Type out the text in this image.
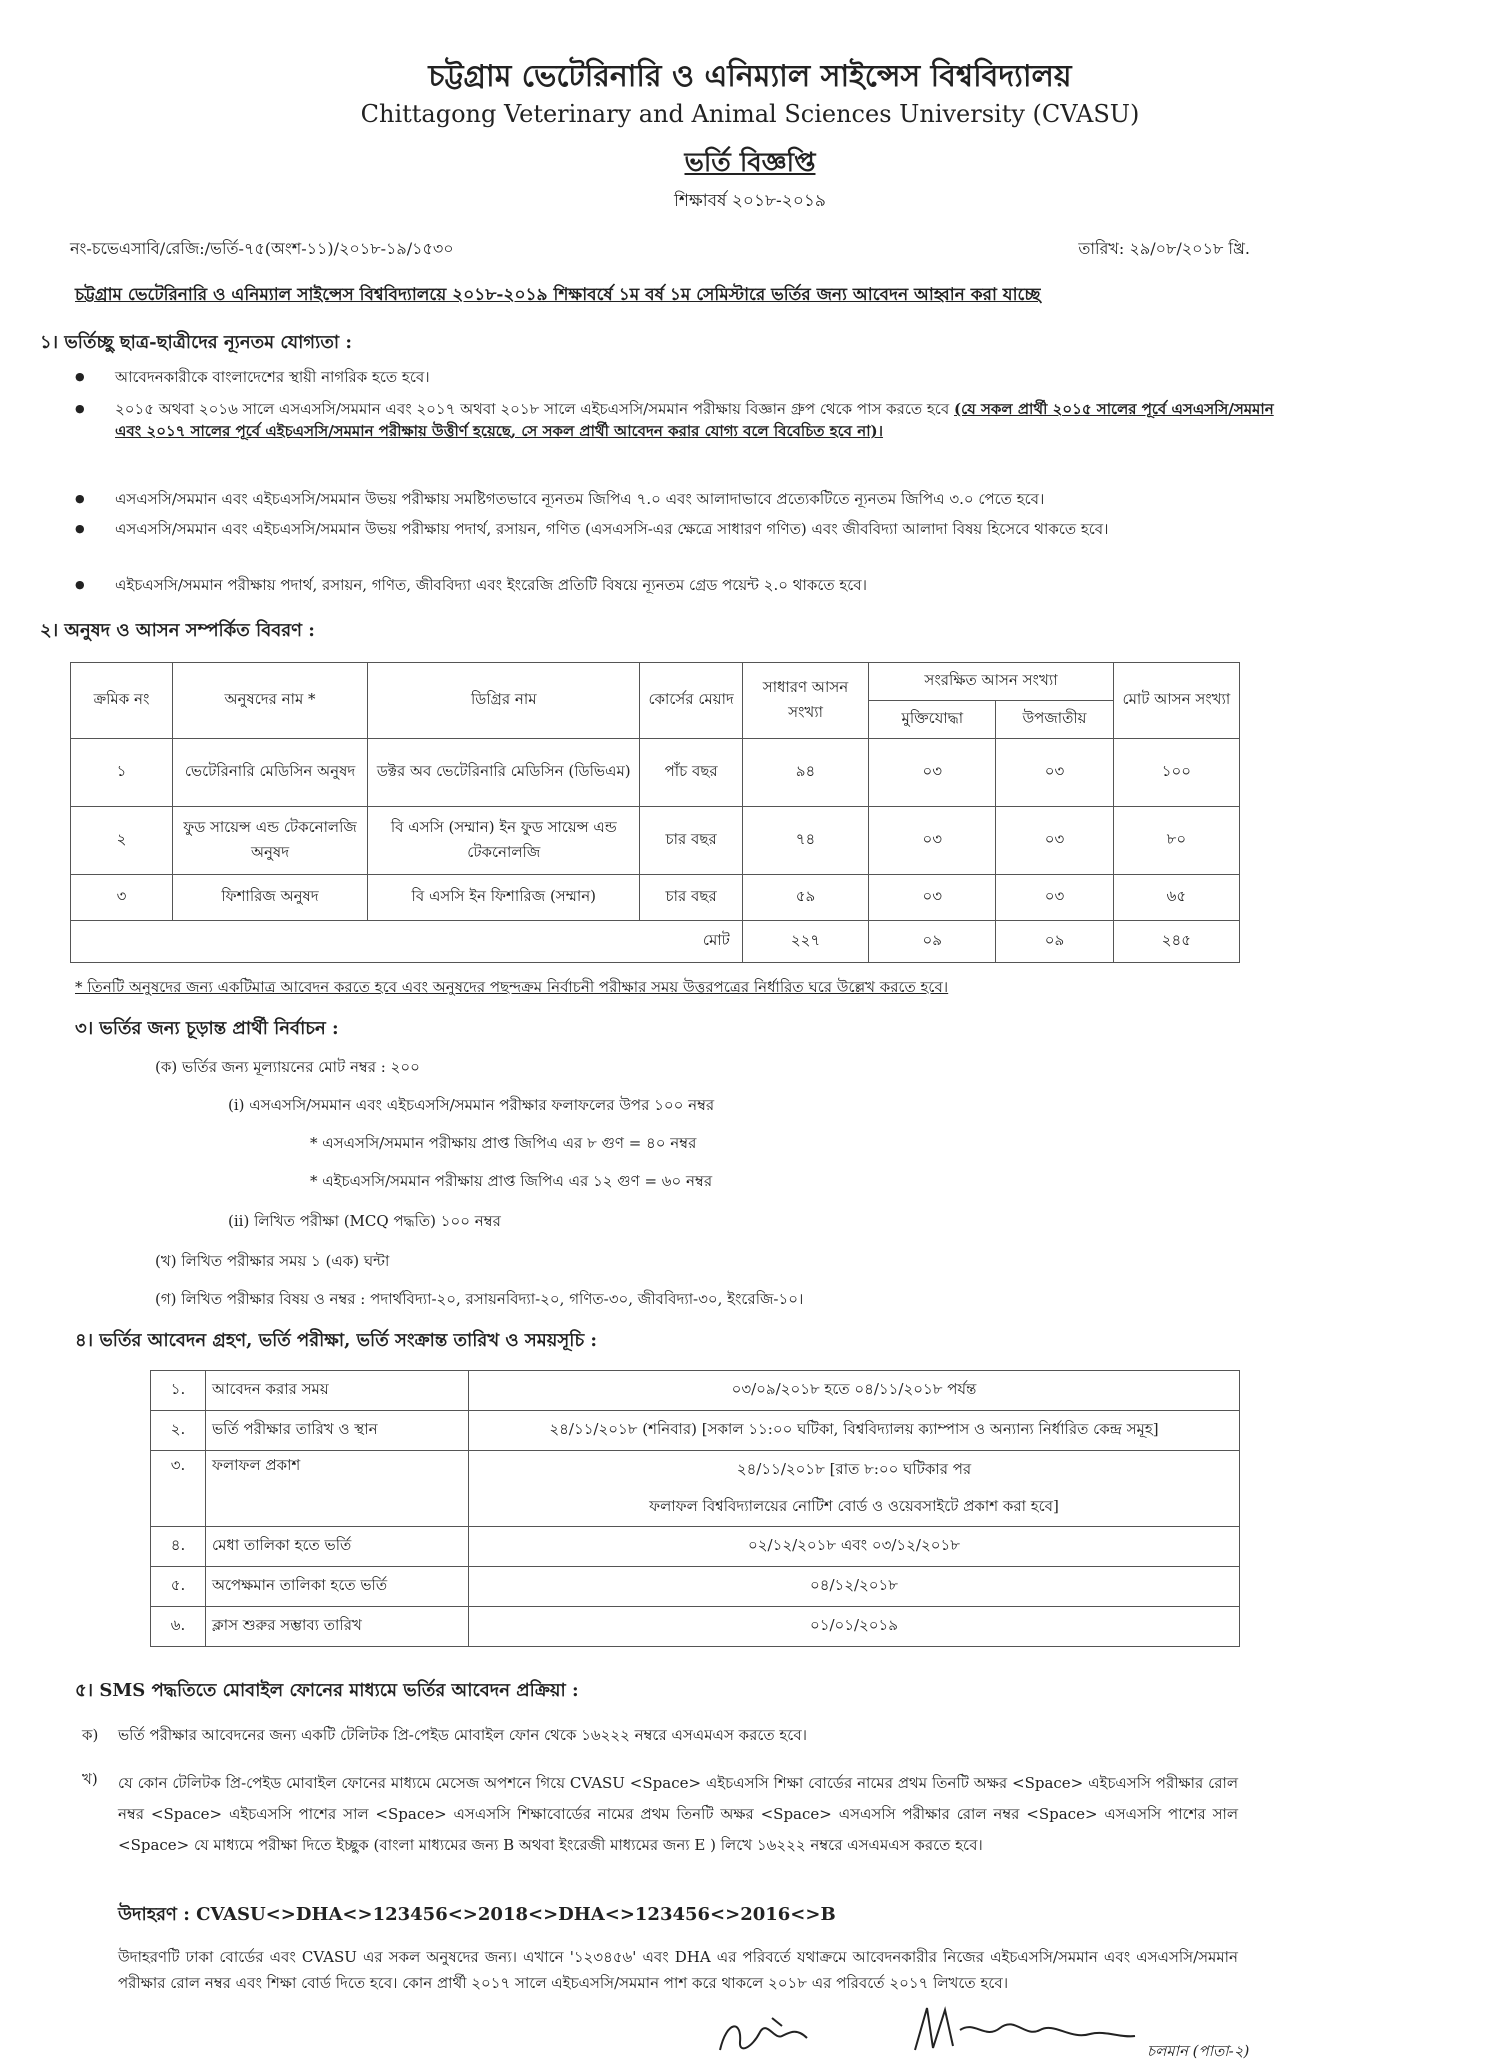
চট্টগ্রাম ভেটেরিনারি ও এনিম্যাল সাইন্সেস বিশ্ববিদ্যালয়
Chittagong Veterinary and Animal Sciences University (CVASU)
ভর্তি বিজ্ঞপ্তি
শিক্ষাবর্ষ ২০১৮-২০১৯
নং-চভেএসাবি/রেজি:/ভর্তি-৭৫(অংশ-১১)/২০১৮-১৯/১৫৩০	তারিখ: ২৯/০৮/২০১৮ খ্রি.
চট্টগ্রাম ভেটেরিনারি ও এনিম্যাল সাইন্সেস বিশ্ববিদ্যালয়ে ২০১৮-২০১৯ শিক্ষাবর্ষে ১ম বর্ষ ১ম সেমিস্টারে ভর্তির জন্য আবেদন আহ্বান করা যাচ্ছে
১। ভর্তিচ্ছু ছাত্র-ছাত্রীদের ন্যূনতম যোগ্যতা :
● আবেদনকারীকে বাংলাদেশের স্থায়ী নাগরিক হতে হবে।
● ২০১৫ অথবা ২০১৬ সালে এসএসসি/সমমান এবং ২০১৭ অথবা ২০১৮ সালে এইচএসসি/সমমান পরীক্ষায় বিজ্ঞান গ্রুপ থেকে পাস করতে হবে (যে সকল প্রার্থী ২০১৫ সালের পূর্বে এসএসসি/সমমান এবং ২০১৭ সালের পূর্বে এইচএসসি/সমমান পরীক্ষায় উত্তীর্ণ হয়েছে, সে সকল প্রার্থী আবেদন করার যোগ্য বলে বিবেচিত হবে না)।
● এসএসসি/সমমান এবং এইচএসসি/সমমান উভয় পরীক্ষায় সমষ্টিগতভাবে ন্যূনতম জিপিএ ৭.০ এবং আলাদাভাবে প্রত্যেকটিতে ন্যূনতম জিপিএ ৩.০ পেতে হবে।
● এসএসসি/সমমান এবং এইচএসসি/সমমান উভয় পরীক্ষায় পদার্থ, রসায়ন, গণিত (এসএসসি-এর ক্ষেত্রে সাধারণ গণিত) এবং জীববিদ্যা আলাদা বিষয় হিসেবে থাকতে হবে।
● এইচএসসি/সমমান পরীক্ষায় পদার্থ, রসায়ন, গণিত, জীববিদ্যা এবং ইংরেজি প্রতিটি বিষয়ে ন্যূনতম গ্রেড পয়েন্ট ২.০ থাকতে হবে।
২। অনুষদ ও আসন সম্পর্কিত বিবরণ :
ক্রমিক নং	অনুষদের নাম *	ডিগ্রির নাম	কোর্সের মেয়াদ	সাধারণ আসন সংখ্যা	সংরক্ষিত আসন সংখ্যা		মোট আসন সংখ্যা
					মুক্তিযোদ্ধা	উপজাতীয়	
১	ভেটেরিনারি মেডিসিন অনুষদ	ডক্টর অব ভেটেরিনারি মেডিসিন (ডিভিএম)	পাঁচ বছর	৯৪	০৩	০৩	১০০
২	ফুড সায়েন্স এন্ড টেকনোলজি অনুষদ	বি এসসি (সম্মান) ইন ফুড সায়েন্স এন্ড টেকনোলজি	চার বছর	৭৪	০৩	০৩	৮০
৩	ফিশারিজ অনুষদ	বি এসসি ইন ফিশারিজ (সম্মান)	চার বছর	৫৯	০৩	০৩	৬৫
মোট				২২৭	০৯	০৯	২৪৫
* তিনটি অনুষদের জন্য একটিমাত্র আবেদন করতে হবে এবং অনুষদের পছন্দক্রম নির্বাচনী পরীক্ষার সময় উত্তরপত্রের নির্ধারিত ঘরে উল্লেখ করতে হবে।
৩। ভর্তির জন্য চূড়ান্ত প্রার্থী নির্বাচন :
(ক) ভর্তির জন্য মূল্যায়নের মোট নম্বর : ২০০
(i) এসএসসি/সমমান এবং এইচএসসি/সমমান পরীক্ষার ফলাফলের উপর ১০০ নম্বর
* এসএসসি/সমমান পরীক্ষায় প্রাপ্ত জিপিএ এর ৮ গুণ = ৪০ নম্বর
* এইচএসসি/সমমান পরীক্ষায় প্রাপ্ত জিপিএ এর ১২ গুণ = ৬০ নম্বর
(ii) লিখিত পরীক্ষা (MCQ পদ্ধতি) ১০০ নম্বর
(খ) লিখিত পরীক্ষার সময় ১ (এক) ঘন্টা
(গ) লিখিত পরীক্ষার বিষয় ও নম্বর : পদার্থবিদ্যা-২০, রসায়নবিদ্যা-২০, গণিত-৩০, জীববিদ্যা-৩০, ইংরেজি-১০।
৪। ভর্তির আবেদন গ্রহণ, ভর্তি পরীক্ষা, ভর্তি সংক্রান্ত তারিখ ও সময়সূচি :
১.	আবেদন করার সময়	০৩/০৯/২০১৮ হতে ০৪/১১/২০১৮ পর্যন্ত
২.	ভর্তি পরীক্ষার তারিখ ও স্থান	২৪/১১/২০১৮ (শনিবার) [সকাল ১১:০০ ঘটিকা, বিশ্ববিদ্যালয় ক্যাম্পাস ও অন্যান্য নির্ধারিত কেন্দ্র সমূহ]
৩.	ফলাফল প্রকাশ	২৪/১১/২০১৮ [রাত ৮:০০ ঘটিকার পর
ফলাফল বিশ্ববিদ্যালয়ের নোটিশ বোর্ড ও ওয়েবসাইটে প্রকাশ করা হবে]

৪.	মেধা তালিকা হতে ভর্তি	০২/১২/২০১৮ এবং ০৩/১২/২০১৮
৫.	অপেক্ষমান তালিকা হতে ভর্তি	০৪/১২/২০১৮
৬.	ক্লাস শুরুর সম্ভাব্য তারিখ	০১/০১/২০১৯
৫। SMS পদ্ধতিতে মোবাইল ফোনের মাধ্যমে ভর্তির আবেদন প্রক্রিয়া :
ক) ভর্তি পরীক্ষার আবেদনের জন্য একটি টেলিটক প্রি-পেইড মোবাইল ফোন থেকে ১৬২২২ নম্বরে এসএমএস করতে হবে।
খ) যে কোন টেলিটক প্রি-পেইড মোবাইল ফোনের মাধ্যমে মেসেজ অপশনে গিয়ে CVASU <Space> এইচএসসি শিক্ষা বোর্ডের নামের প্রথম তিনটি অক্ষর <Space> এইচএসসি পরীক্ষার রোল নম্বর <Space> এইচএসসি পাশের সাল <Space> এসএসসি শিক্ষাবোর্ডের নামের প্রথম তিনটি অক্ষর <Space> এসএসসি পরীক্ষার রোল নম্বর <Space> এসএসসি পাশের সাল <Space> যে মাধ্যমে পরীক্ষা দিতে ইচ্ছুক (বাংলা মাধ্যমের জন্য B অথবা ইংরেজী মাধ্যমের জন্য E ) লিখে ১৬২২২ নম্বরে এসএমএস করতে হবে।
উদাহরণ : CVASU<>DHA<>123456<>2018<>DHA<>123456<>2016<>B
উদাহরণটি ঢাকা বোর্ডের এবং CVASU এর সকল অনুষদের জন্য। এখানে '১২৩৪৫৬' এবং DHA এর পরিবর্তে যথাক্রমে আবেদনকারীর নিজের এইচএসসি/সমমান এবং এসএসসি/সমমান পরীক্ষার রোল নম্বর এবং শিক্ষা বোর্ড দিতে হবে। কোন প্রার্থী ২০১৭ সালে এইচএসসি/সমমান পাশ করে থাকলে ২০১৮ এর পরিবর্তে ২০১৭ লিখতে হবে।
চলমান (পাতা-২)
